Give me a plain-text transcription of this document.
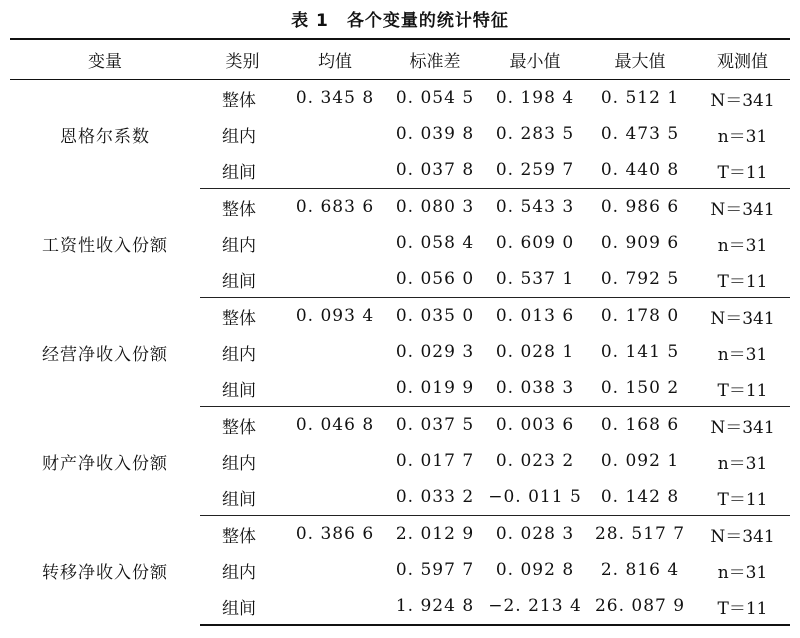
表 1 各个变量的统计特征
变量	类别	均值	标准差	最小值	最大值	观测值
恩格尔系数	整体	0. 345 8	0. 054 5	0. 198 4	0. 512 1	N＝341
	组内		0. 039 8	0. 283 5	0. 473 5	n＝31
	组间		0. 037 8	0. 259 7	0. 440 8	T＝11
工资性收入份额	整体	0. 683 6	0. 080 3	0. 543 3	0. 986 6	N＝341
	组内		0. 058 4	0. 609 0	0. 909 6	n＝31
	组间		0. 056 0	0. 537 1	0. 792 5	T＝11
经营净收入份额	整体	0. 093 4	0. 035 0	0. 013 6	0. 178 0	N＝341
	组内		0. 029 3	0. 028 1	0. 141 5	n＝31
	组间		0. 019 9	0. 038 3	0. 150 2	T＝11
财产净收入份额	整体	0. 046 8	0. 037 5	0. 003 6	0. 168 6	N＝341
	组内		0. 017 7	0. 023 2	0. 092 1	n＝31
	组间		0. 033 2	−0. 011 5	0. 142 8	T＝11
转移净收入份额	整体	0. 386 6	2. 012 9	0. 028 3	28. 517 7	N＝341
	组内		0. 597 7	0. 092 8	2. 816 4	n＝31
	组间		1. 924 8	−2. 213 4	26. 087 9	T＝11
